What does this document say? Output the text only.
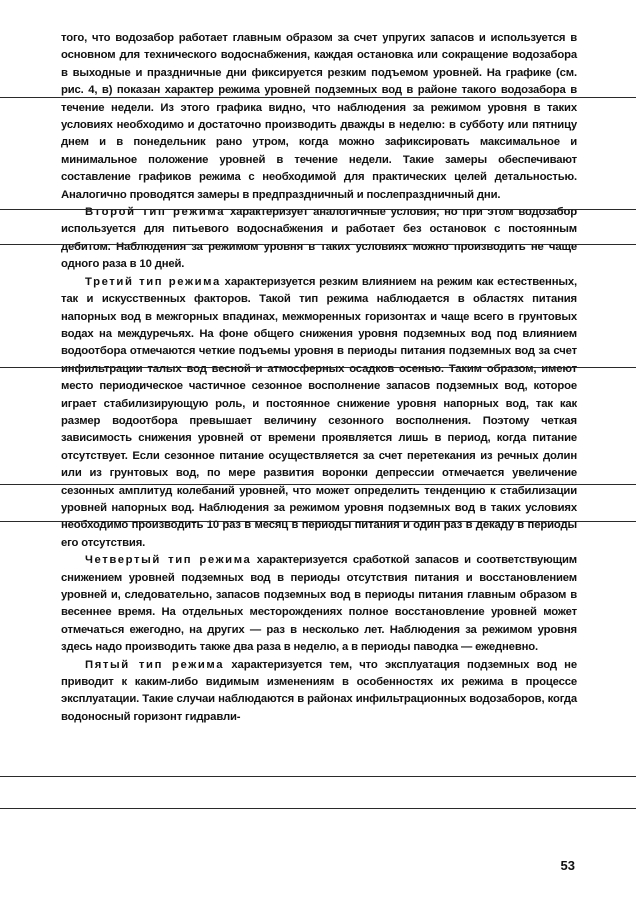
того, что водозабор работает главным образом за счет упругих запасов и используется в основном для технического водоснабжения, каждая остановка или сокращение водозабора в выходные и праздничные дни фиксируется резким подъемом уровней. На графике (см. рис. 4, в) показан характер режима уровней подземных вод в районе такого водозабора в течение недели. Из этого графика видно, что наблюдения за режимом уровня в таких условиях необходимо и достаточно производить дважды в неделю: в субботу или пятницу днем и в понедельник рано утром, когда можно зафиксировать максимальное и минимальное положение уровней в течение недели. Такие замеры обеспечивают составление графиков режима с необходимой для практических целей детальностью. Аналогично проводятся замеры в предпраздничный и послепраздничный дни.

Второй тип режима характеризует аналогичные условия, но при этом водозабор используется для питьевого водоснабжения и работает без остановок с постоянным дебитом. Наблюдения за режимом уровня в таких условиях можно производить не чаще одного раза в 10 дней.

Третий тип режима характеризуется резким влиянием на режим как естественных, так и искусственных факторов. Такой тип режима наблюдается в областях питания напорных вод в межгорных впадинах, межморенных горизонтах и чаще всего в грунтовых водах на междуречьях. На фоне общего снижения уровня подземных вод под влиянием водоотбора отмечаются четкие подъемы уровня в периоды питания подземных вод за счет инфильтрации талых вод весной и атмосферных осадков осенью. Таким образом, имеют место периодическое частичное сезонное восполнение запасов подземных вод, которое играет стабилизирующую роль, и постоянное снижение уровня напорных вод, так как размер водоотбора превышает величину сезонного восполнения. Поэтому четкая зависимость снижения уровней от времени проявляется лишь в период, когда питание отсутствует. Если сезонное питание осуществляется за счет перетекания из речных долин или из грунтовых вод, по мере развития воронки депрессии отмечается увеличение сезонных амплитуд колебаний уровней, что может определить тенденцию к стабилизации уровней напорных вод. Наблюдения за режимом уровня подземных вод в таких условиях необходимо производить 10 раз в месяц в периоды питания и один раз в декаду в периоды его отсутствия.

Четвертый тип режима характеризуется сработкой запасов и соответствующим снижением уровней подземных вод в периоды отсутствия питания и восстановлением уровней и, следовательно, запасов подземных вод в периоды питания главным образом в весеннее время. На отдельных месторождениях полное восстановление уровней может отмечаться ежегодно, на других — раз в несколько лет. Наблюдения за режимом уровня здесь надо производить также два раза в неделю, а в периоды паводка — ежедневно.

Пятый тип режима характеризуется тем, что эксплуатация подземных вод не приводит к каким-либо видимым изменениям в особенностях их режима в процессе эксплуатации. Такие случаи наблюдаются в районах инфильтрационных водозаборов, когда водоносный горизонт гидравли-

53
